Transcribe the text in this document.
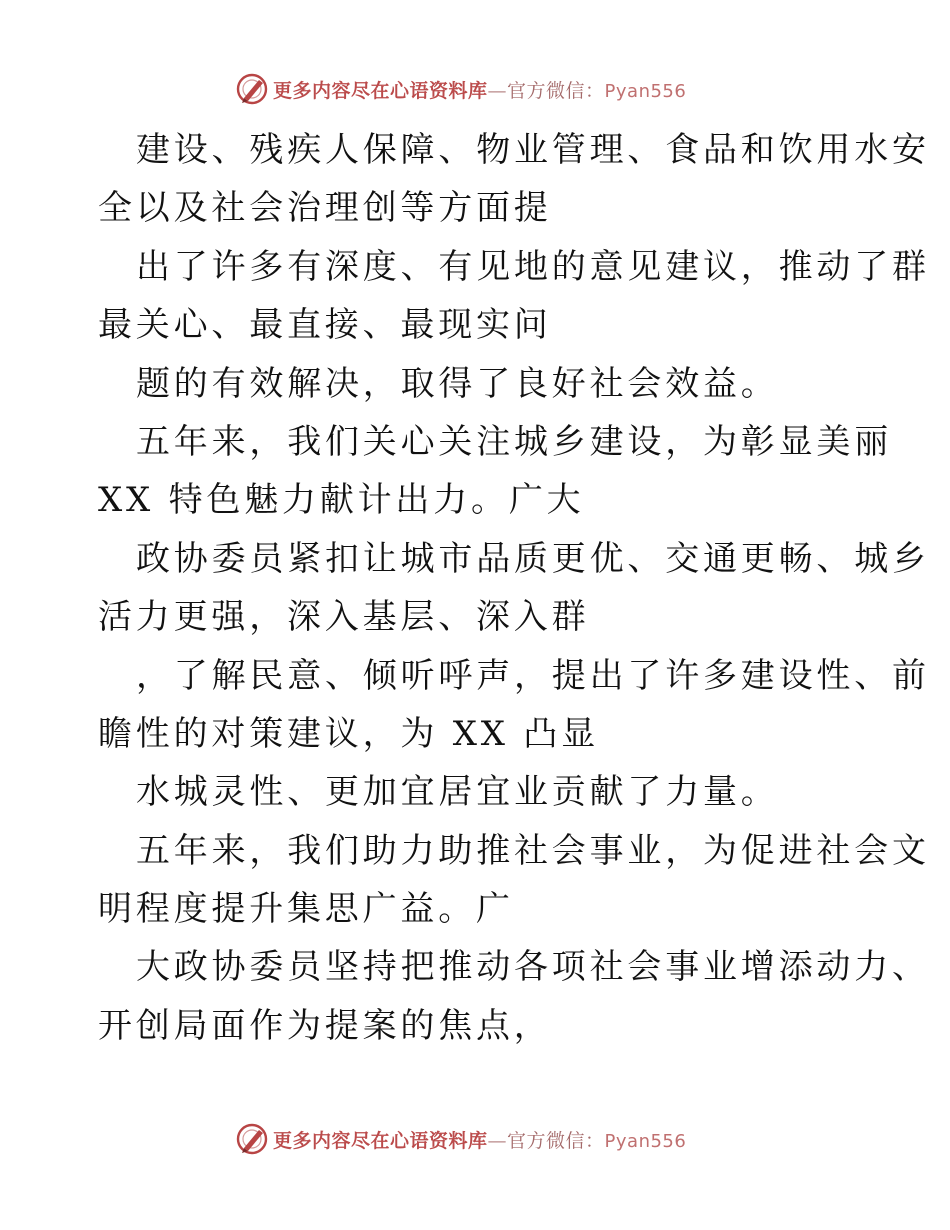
更多内容尽在心语资料库—官方微信：Pyan556
建设、残疾人保障、物业管理、食品和饮用水安
全以及社会治理创等方面提
出了许多有深度、有见地的意见建议，推动了群
最关心、最直接、最现实问
题的有效解决，取得了良好社会效益。
五年来，我们关心关注城乡建设，为彰显美丽
XX 特色魅力献计出力。广大
政协委员紧扣让城市品质更优、交通更畅、城乡
活力更强，深入基层、深入群
，了解民意、倾听呼声，提出了许多建设性、前
瞻性的对策建议，为 XX 凸显
水城灵性、更加宜居宜业贡献了力量。
五年来，我们助力助推社会事业，为促进社会文
明程度提升集思广益。广
大政协委员坚持把推动各项社会事业增添动力、
开创局面作为提案的焦点，
更多内容尽在心语资料库—官方微信：Pyan556
